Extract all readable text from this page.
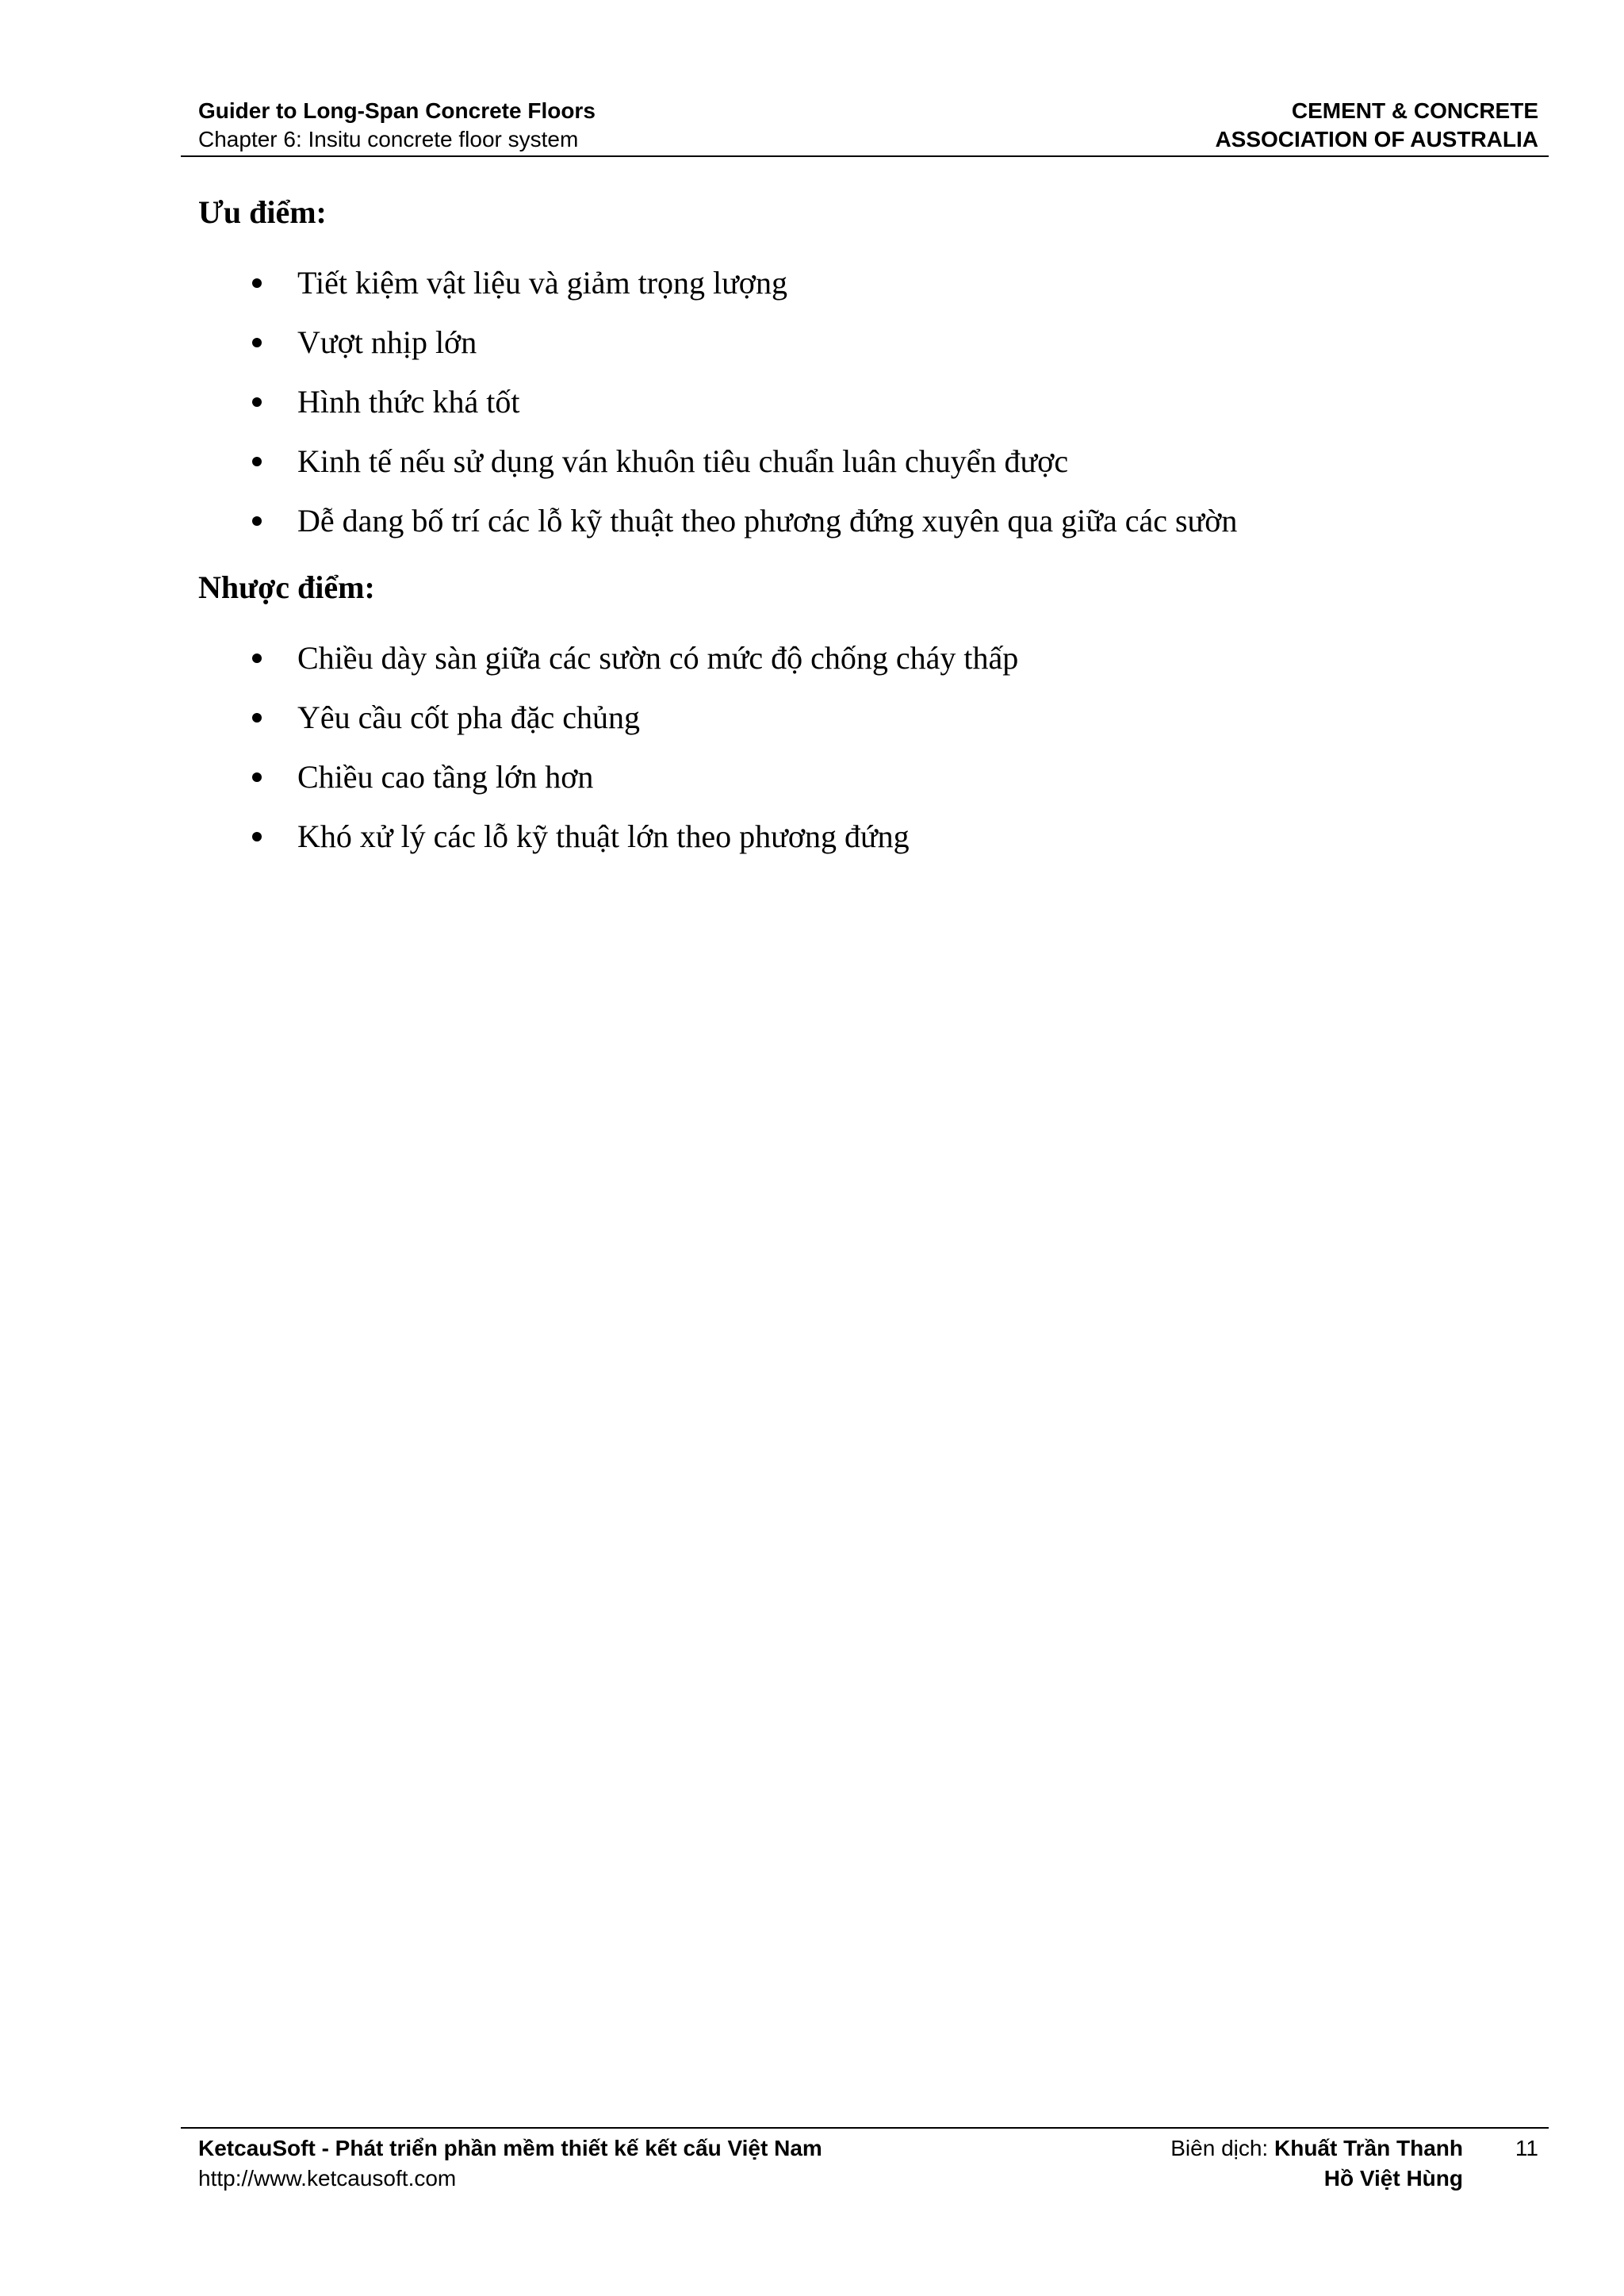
Guider to Long-Span Concrete Floors
Chapter 6: Insitu concrete floor system
CEMENT & CONCRETE
ASSOCIATION OF AUSTRALIA
Ưu điểm:
Tiết kiệm vật liệu và giảm trọng lượng
Vượt nhịp lớn
Hình thức khá tốt
Kinh tế nếu sử dụng ván khuôn tiêu chuẩn luân chuyển được
Dễ dang bố trí các lỗ kỹ thuật theo phương đứng xuyên qua giữa các sườn
Nhược điểm:
Chiều dày sàn giữa các sườn có mức độ chống cháy thấp
Yêu cầu cốt pha đặc chủng
Chiều cao tầng lớn hơn
Khó xử lý các lỗ kỹ thuật lớn theo phương đứng
KetcauSoft - Phát triển phần mềm thiết kế kết cấu Việt Nam
http://www.ketcausoft.com
Biên dịch: Khuất Trần Thanh
Hồ Việt Hùng
11
